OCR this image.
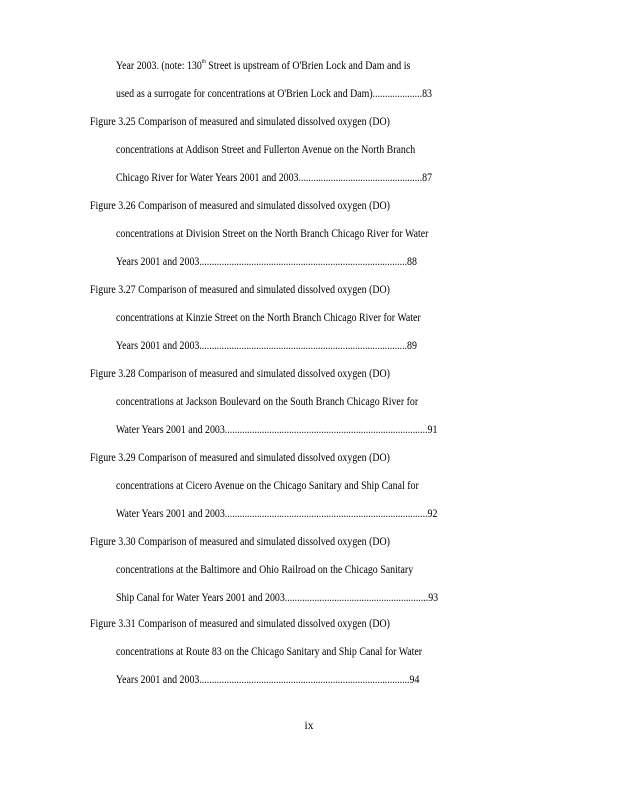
Year 2003. (note: 130th Street is upstream of O'Brien Lock and Dam and is
used as a surrogate for concentrations at O'Brien Lock and Dam)....................83
Figure 3.25 Comparison of measured and simulated dissolved oxygen (DO)
concentrations at Addison Street and Fullerton Avenue on the North Branch
Chicago River for Water Years 2001 and 2003..................................................87
Figure 3.26 Comparison of measured and simulated dissolved oxygen (DO)
concentrations at Division Street on the North Branch Chicago River for Water
Years 2001 and 2003....................................................................................88
Figure 3.27 Comparison of measured and simulated dissolved oxygen (DO)
concentrations at Kinzie Street on the North Branch Chicago River for Water
Years 2001 and 2003....................................................................................89
Figure 3.28 Comparison of measured and simulated dissolved oxygen (DO)
concentrations at Jackson Boulevard on the South Branch Chicago River for
Water Years 2001 and 2003..................................................................................91
Figure 3.29 Comparison of measured and simulated dissolved oxygen (DO)
concentrations at Cicero Avenue on the Chicago Sanitary and Ship Canal for
Water Years 2001 and 2003..................................................................................92
Figure 3.30 Comparison of measured and simulated dissolved oxygen (DO)
concentrations at the Baltimore and Ohio Railroad on the Chicago Sanitary
Ship Canal for Water Years 2001 and 2003..........................................................93
Figure 3.31 Comparison of measured and simulated dissolved oxygen (DO)
concentrations at Route 83 on the Chicago Sanitary and Ship Canal for Water
Years 2001 and 2003.....................................................................................94
ix
